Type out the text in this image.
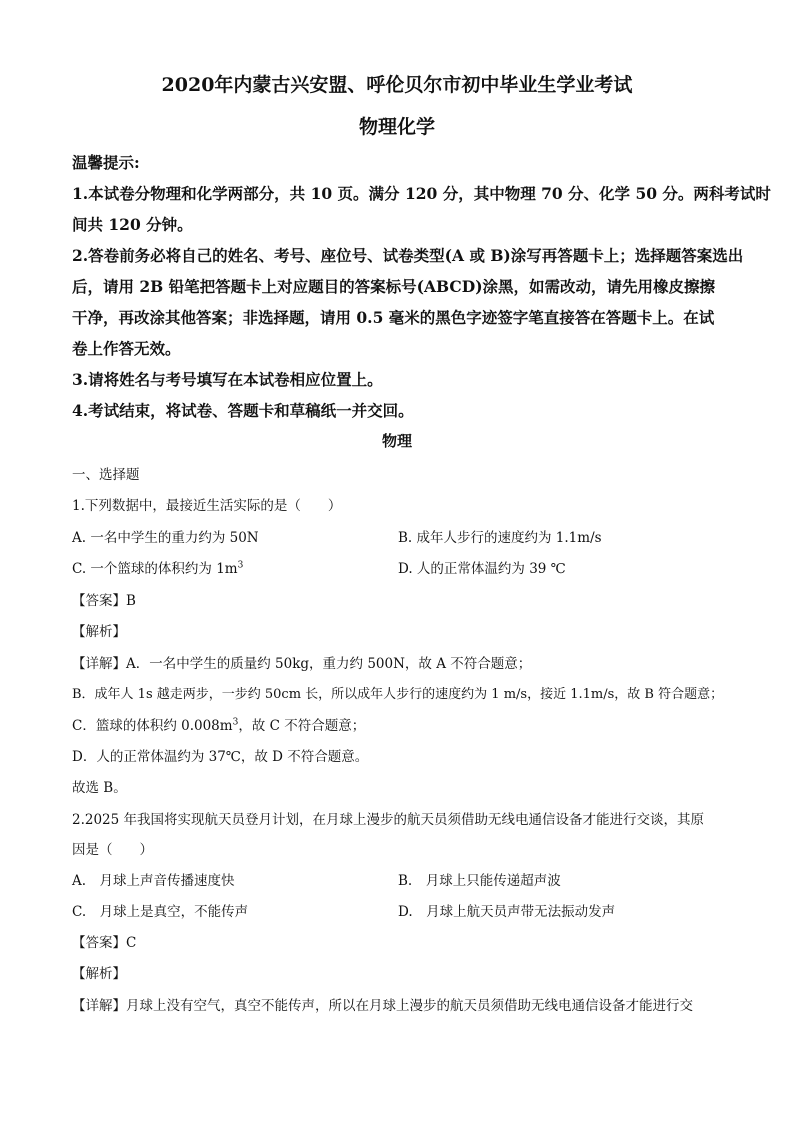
2020年内蒙古兴安盟、呼伦贝尔市初中毕业生学业考试
物理化学
温馨提示:
1.本试卷分物理和化学两部分，共 10 页。满分 120 分，其中物理 70 分、化学 50 分。两科考试时
间共 120 分钟。
2.答卷前务必将自己的姓名、考号、座位号、试卷类型(A 或 B)涂写再答题卡上；选择题答案选出
后，请用 2B 铅笔把答题卡上对应题目的答案标号(ABCD)涂黑，如需改动，请先用橡皮擦擦
干净，再改涂其他答案；非选择题，请用 0.5 毫米的黑色字迹签字笔直接答在答题卡上。在试
卷上作答无效。
3.请将姓名与考号填写在本试卷相应位置上。
4.考试结束，将试卷、答题卡和草稿纸一并交回。
物理
一、选择题
1.下列数据中，最接近生活实际的是（　　）
A. 一名中学生的重力约为 50N	B. 成年人步行的速度约为 1.1m/s
C. 一个篮球的体积约为 $1m^3$	D. 人的正常体温约为 39 ℃
【答案】B
【解析】
【详解】A．一名中学生的质量约 50kg，重力约 500N，故 A 不符合题意；
B．成年人 1s 越走两步，一步约 50cm 长，所以成年人步行的速度约为 1 m/s，接近 1.1m/s，故 B 符合题意；
C．篮球的体积约 $0.008m^3$，故 C 不符合题意；
D．人的正常体温约为 37℃，故 D 不符合题意。
故选 B。
2.2025 年我国将实现航天员登月计划，在月球上漫步的航天员须借助无线电通信设备才能进行交谈，其原
因是（　　）
A.　月球上声音传播速度快	B.　月球上只能传递超声波
C.　月球上是真空，不能传声	D.　月球上航天员声带无法振动发声
【答案】C
【解析】
【详解】月球上没有空气，真空不能传声，所以在月球上漫步的航天员须借助无线电通信设备才能进行交
